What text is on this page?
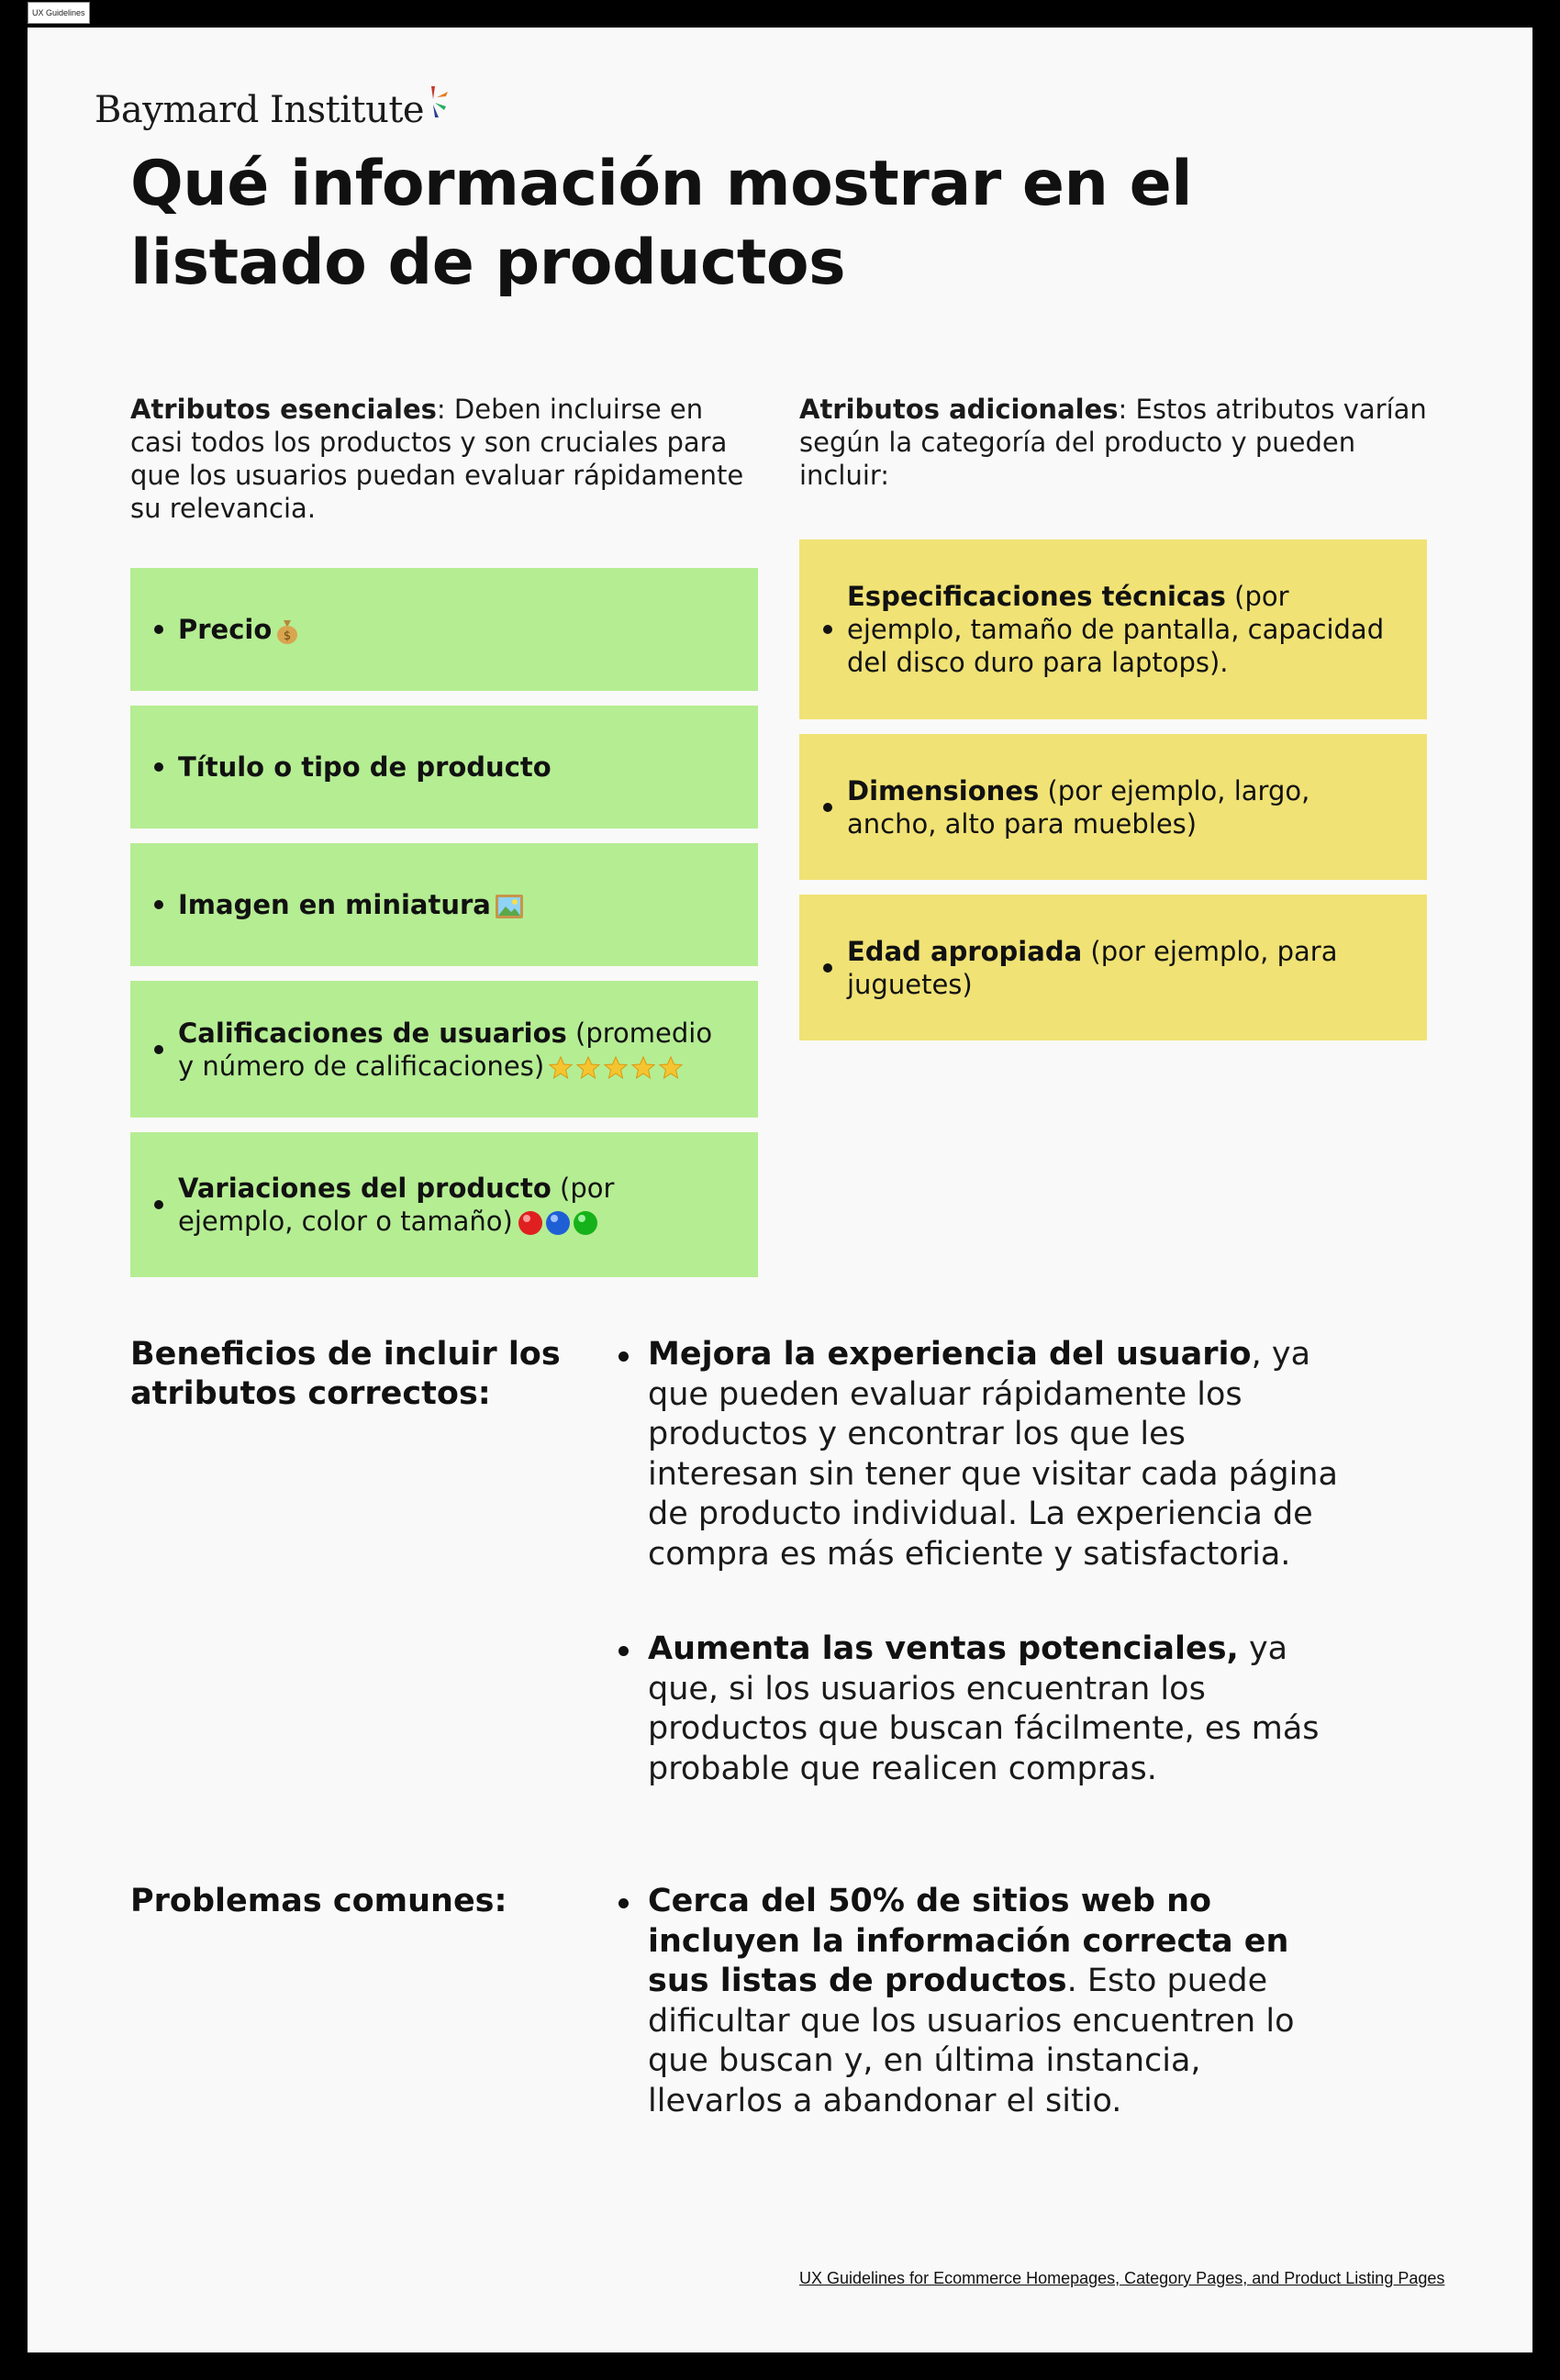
UX Guidelines
Baymard Institute
Qué información mostrar en el listado de productos

Atributos esenciales: Deben incluirse en casi todos los productos y son cruciales para que los usuarios puedan evaluar rápidamente su relevancia.

Precio $
Título o tipo de producto
Imagen en miniatura
Calificaciones de usuarios (promedio y número de calificaciones)
Variaciones del producto (por ejemplo, color o tamaño)

Atributos adicionales: Estos atributos varían según la categoría del producto y pueden incluir:

Especificaciones técnicas (por ejemplo, tamaño de pantalla, capacidad del disco duro para laptops).
Dimensiones (por ejemplo, largo, ancho, alto para muebles)
Edad apropiada (por ejemplo, para juguetes)
Beneficios de incluir los atributos correctos:
Mejora la experiencia del usuario, ya que pueden evaluar rápidamente los productos y encontrar los que les interesan sin tener que visitar cada página de producto individual. La experiencia de compra es más eficiente y satisfactoria.
Aumenta las ventas potenciales, ya que, si los usuarios encuentran los productos que buscan fácilmente, es más probable que realicen compras.
Problemas comunes:	Cerca del 50% de sitios web no incluyen la información correcta en sus listas de productos. Esto puede dificultar que los usuarios encuentren lo que buscan y, en última instancia, llevarlos a abandonar el sitio.
UX Guidelines for Ecommerce Homepages, Category Pages, and Product Listing Pages
